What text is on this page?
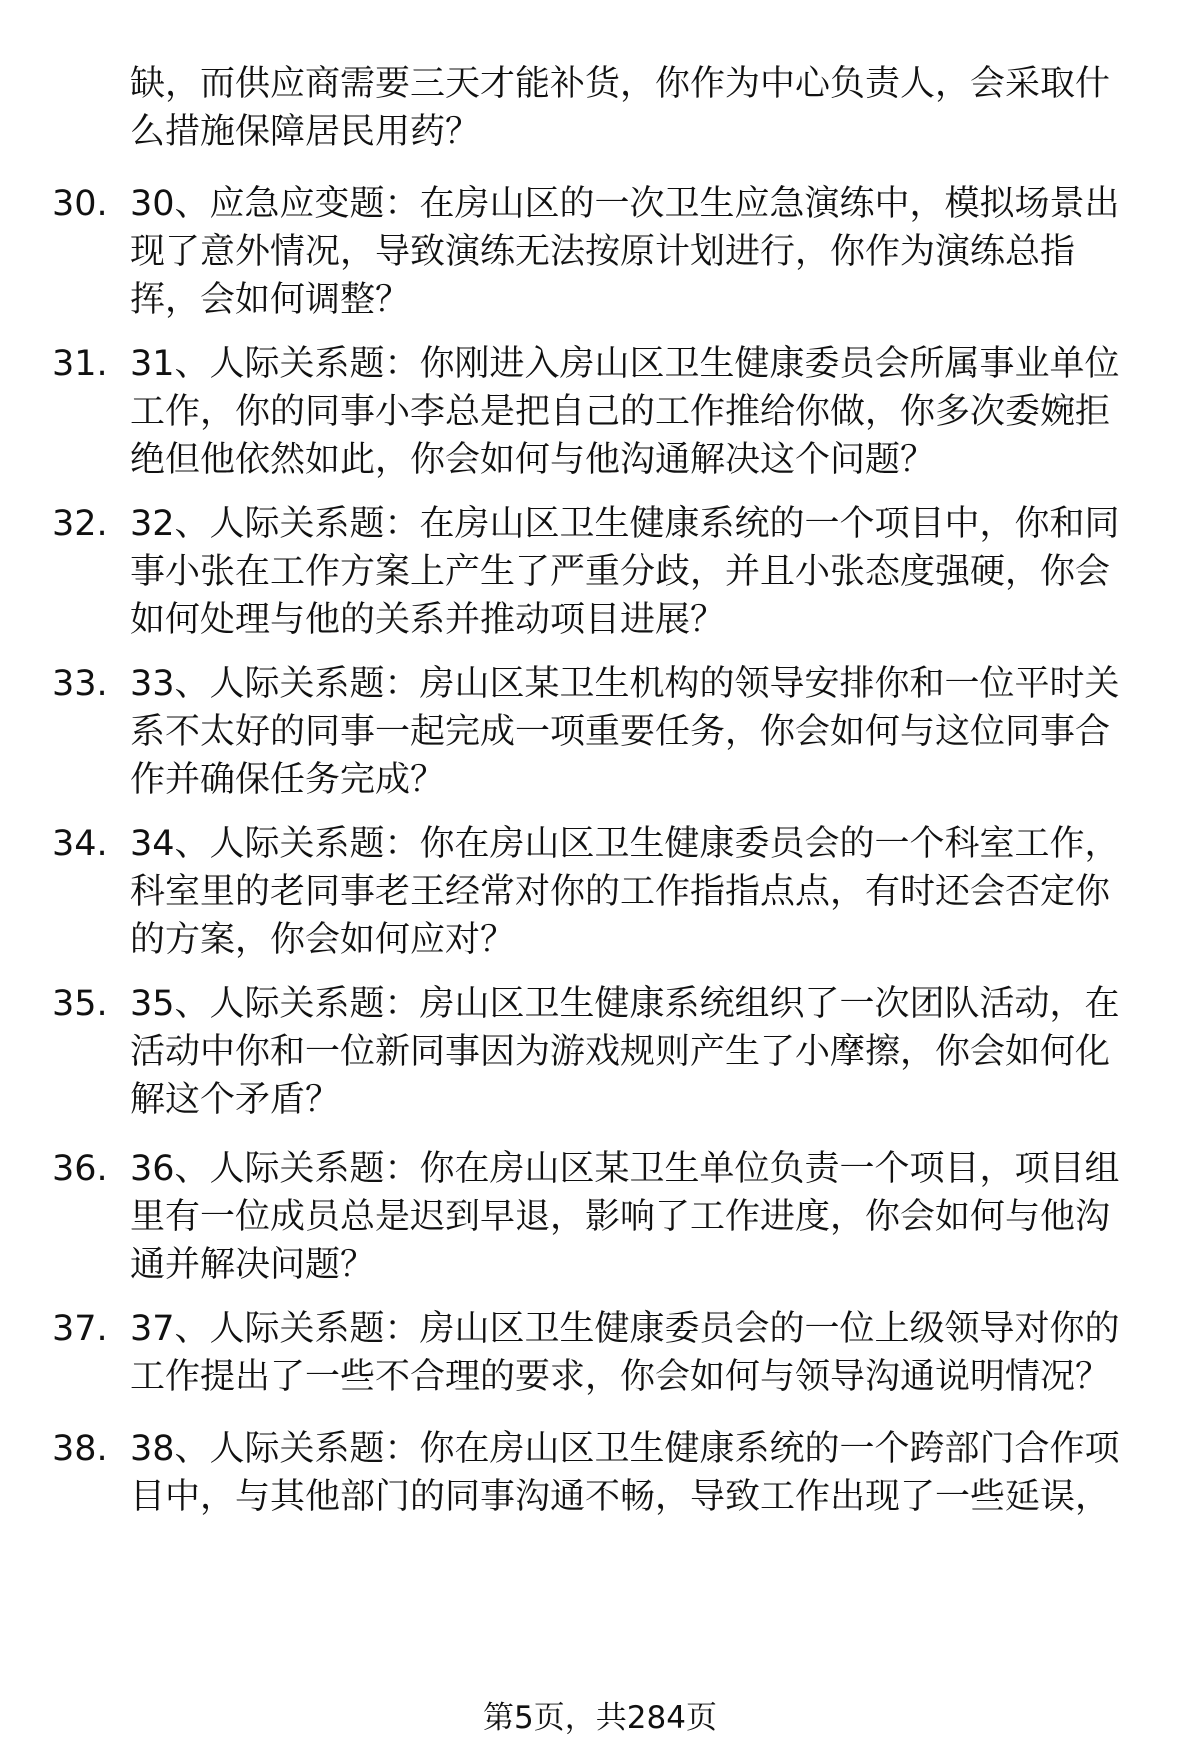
缺，而供应商需要三天才能补货，你作为中心负责人，会采取什
么措施保障居民用药？
30. 30、应急应变题：在房山区的一次卫生应急演练中，模拟场景出
现了意外情况，导致演练无法按原计划进行，你作为演练总指
挥，会如何调整？
31. 31、人际关系题：你刚进入房山区卫生健康委员会所属事业单位
工作，你的同事小李总是把自己的工作推给你做，你多次委婉拒
绝但他依然如此，你会如何与他沟通解决这个问题？
32. 32、人际关系题：在房山区卫生健康系统的一个项目中，你和同
事小张在工作方案上产生了严重分歧，并且小张态度强硬，你会
如何处理与他的关系并推动项目进展？
33. 33、人际关系题：房山区某卫生机构的领导安排你和一位平时关
系不太好的同事一起完成一项重要任务，你会如何与这位同事合
作并确保任务完成？
34. 34、人际关系题：你在房山区卫生健康委员会的一个科室工作，
科室里的老同事老王经常对你的工作指指点点，有时还会否定你
的方案，你会如何应对？
35. 35、人际关系题：房山区卫生健康系统组织了一次团队活动，在
活动中你和一位新同事因为游戏规则产生了小摩擦，你会如何化
解这个矛盾？
36. 36、人际关系题：你在房山区某卫生单位负责一个项目，项目组
里有一位成员总是迟到早退，影响了工作进度，你会如何与他沟
通并解决问题？
37. 37、人际关系题：房山区卫生健康委员会的一位上级领导对你的
工作提出了一些不合理的要求，你会如何与领导沟通说明情况？
38. 38、人际关系题：你在房山区卫生健康系统的一个跨部门合作项
目中，与其他部门的同事沟通不畅，导致工作出现了一些延误，
第5页，共284页
